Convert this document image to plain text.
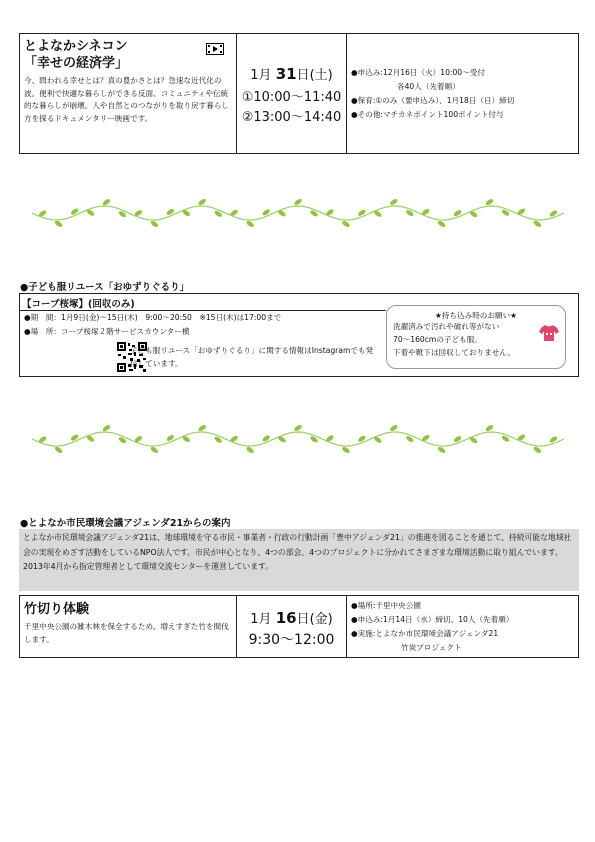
とよなかシネコン
「幸せの経済学」
今、問われる幸せとは？真の豊かさとは？急速な近代化の波。便利で快適な暮らしができる反面、コミュニティや伝統的な暮らしが崩壊。人や自然とのつながりを取り戻す暮らし方を探るドキュメンタリー映画です。
1月 31日(土)
①10:00〜11:40
②13:00〜14:40

●申込み:12月16日（火）10:00〜受付

各40人（先着順）

●保育:①のみ（要申込み）、1月18日（日）締切

●その他:マチカネポイント100ポイント付与

●子ども服リユース「おゆずりぐるり」
【コープ桜塚】(回収のみ)
●期　間：1月9日(金)〜15日(木)　9:00〜20:50　※15日(木)は17:00まで
●場　所：コープ桜塚２階サービスカウンター横
子ども服リユース「おゆずりぐるり」に関する情報はInstagramでも発信しています。
★持ち込み時のお願い★
洗濯済みで汚れや破れ等がない
70〜160cmの子ども服。
下着や靴下は回収しておりません。
●とよなか市民環境会議アジェンダ21からの案内
とよなか市民環境会議アジェンダ21は、地球環境を守る市民・事業者・行政の行動計画「豊中アジェンダ21」の推進を図ることを通じて、持続可能な地域社会の実現をめざす活動をしているNPO法人です。市民が中心となり、4つの部会、4つのプロジェクトに分かれてさまざまな環境活動に取り組んでいます。2013年4月から指定管理者として環境交流センターを運営しています。
竹切り体験
千里中央公園の雑木林を保全するため、増えすぎた竹を間伐します。
1月 16日(金)
9:30〜12:00

●場所:千里中央公園

●申込み:1月14日（水）締切、10人（先着順）

●実施:とよなか市民環境会議アジェンダ21

竹炭プロジェクト
